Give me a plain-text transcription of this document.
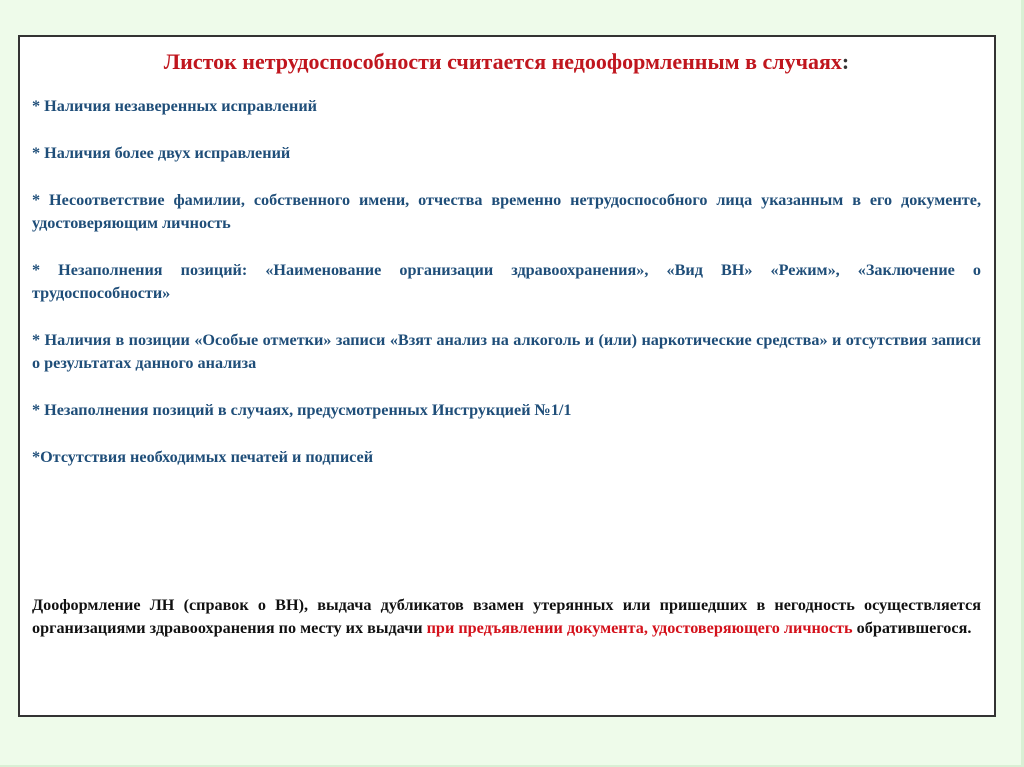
Листок нетрудоспособности считается недооформленным в случаях:
* Наличия незаверенных исправлений
* Наличия более двух исправлений
* Несоответствие фамилии, собственного имени, отчества временно нетрудоспособного лица указанным в его документе, удостоверяющим личность
* Незаполнения позиций: «Наименование организации здравоохранения», «Вид ВН» «Режим», «Заключение о трудоспособности»
* Наличия в позиции «Особые отметки» записи «Взят анализ на алкоголь и (или) наркотические средства» и отсутствия записи о результатах данного анализа
* Незаполнения позиций в случаях, предусмотренных Инструкцией №1/1
*Отсутствия необходимых печатей и подписей

Дооформление ЛН (справок о ВН), выдача дубликатов взамен утерянных или пришедших в негодность осуществляется организациями здравоохранения по месту их выдачи при предъявлении документа, удостоверяющего личность обратившегося.
